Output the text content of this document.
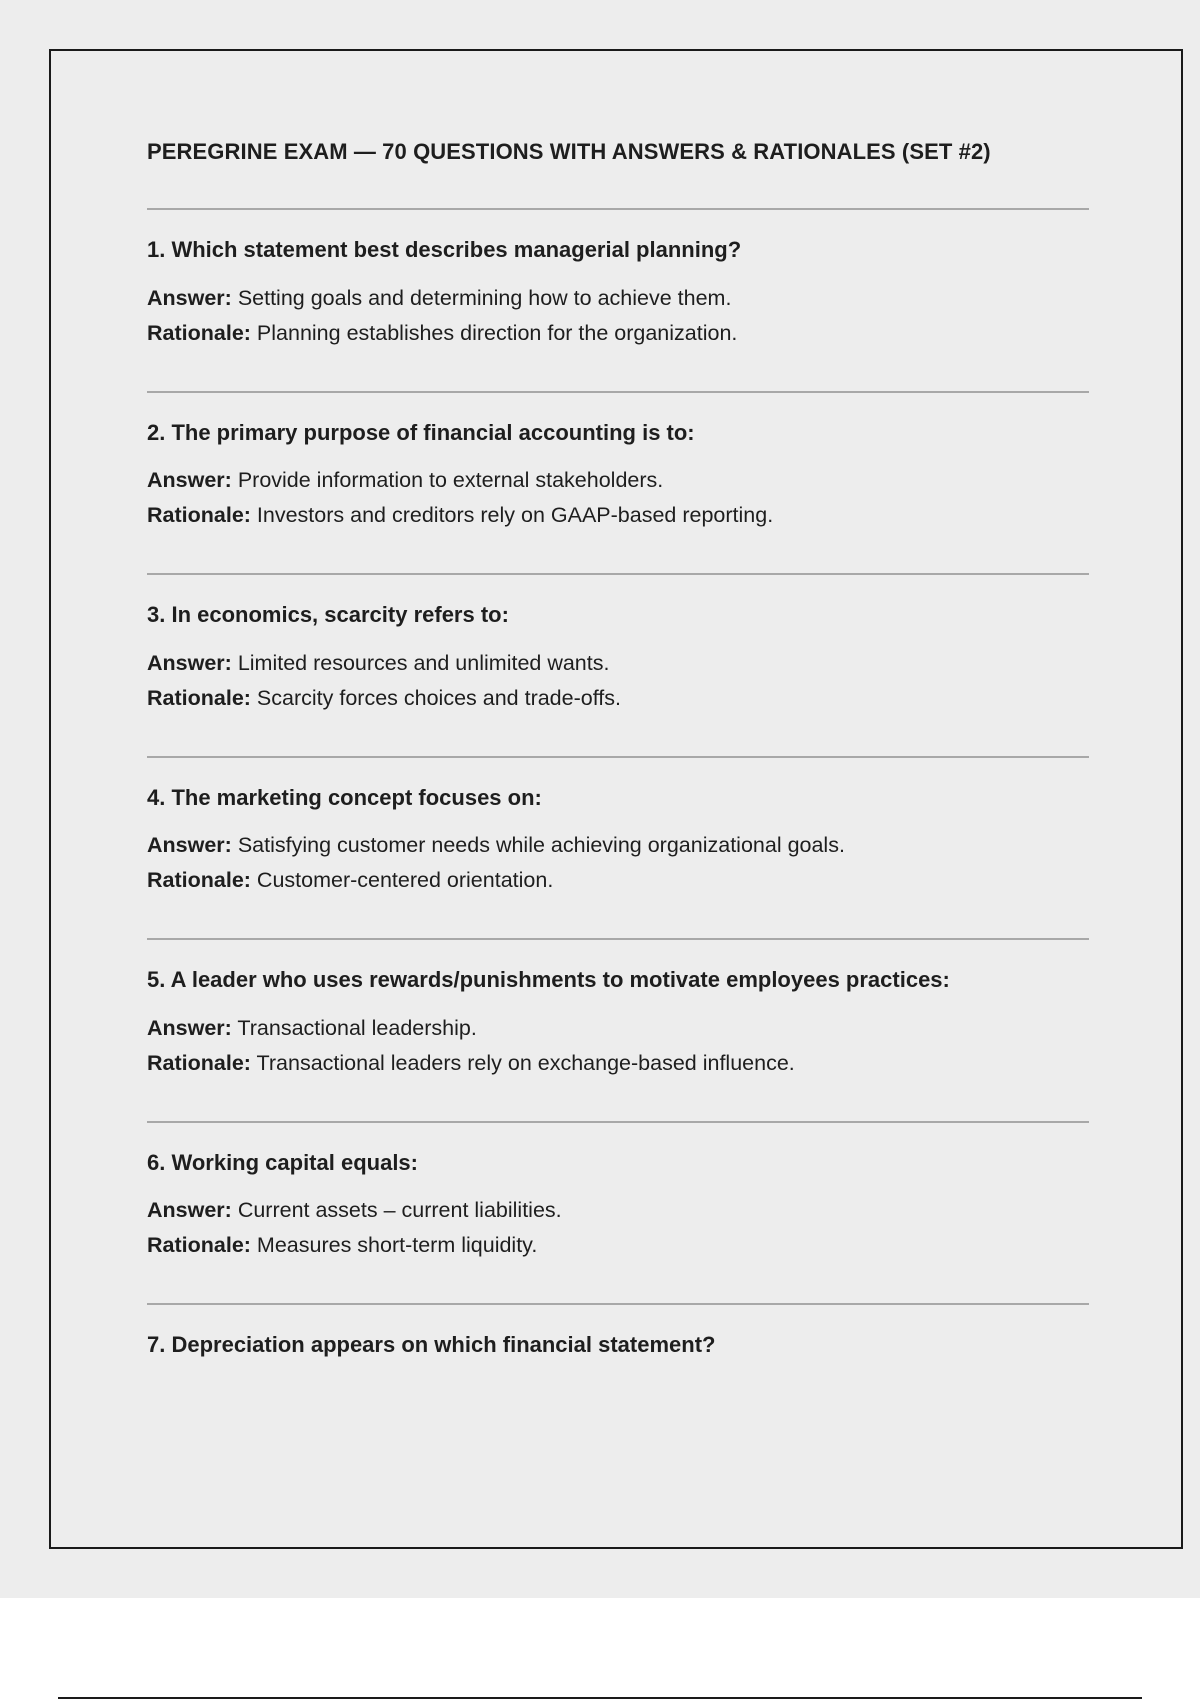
PEREGRINE EXAM — 70 QUESTIONS WITH ANSWERS & RATIONALES (SET #2)

1. Which statement best describes managerial planning?

Answer: Setting goals and determining how to achieve them.

Rationale: Planning establishes direction for the organization.

2. The primary purpose of financial accounting is to:

Answer: Provide information to external stakeholders.

Rationale: Investors and creditors rely on GAAP-based reporting.

3. In economics, scarcity refers to:

Answer: Limited resources and unlimited wants.

Rationale: Scarcity forces choices and trade-offs.

4. The marketing concept focuses on:

Answer: Satisfying customer needs while achieving organizational goals.

Rationale: Customer-centered orientation.

5. A leader who uses rewards/punishments to motivate employees practices:

Answer: Transactional leadership.

Rationale: Transactional leaders rely on exchange-based influence.

6. Working capital equals:

Answer: Current assets – current liabilities.

Rationale: Measures short-term liquidity.

7. Depreciation appears on which financial statement?
